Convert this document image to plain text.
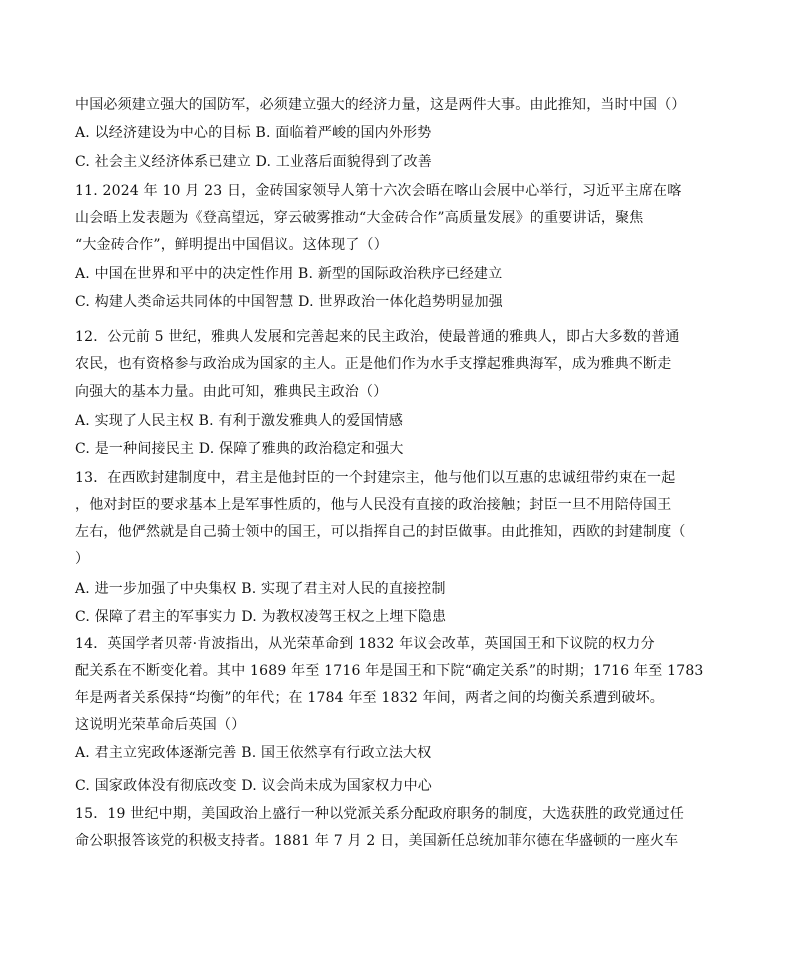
中国必须建立强大的国防军，必须建立强大的经济力量，这是两件大事。由此推知，当时中国（）
A. 以经济建设为中心的目标 B. 面临着严峻的国内外形势
C. 社会主义经济体系已建立 D. 工业落后面貌得到了改善
11. 2024 年 10 月 23 日，金砖国家领导人第十六次会晤在喀山会展中心举行，习近平主席在喀
山会晤上发表题为《登高望远，穿云破雾推动“大金砖合作”高质量发展》的重要讲话，聚焦
“大金砖合作”，鲜明提出中国倡议。这体现了（）
A. 中国在世界和平中的决定性作用 B. 新型的国际政治秩序已经建立
C. 构建人类命运共同体的中国智慧 D. 世界政治一体化趋势明显加强
12．公元前 5 世纪，雅典人发展和完善起来的民主政治，使最普通的雅典人，即占大多数的普通
农民，也有资格参与政治成为国家的主人。正是他们作为水手支撑起雅典海军，成为雅典不断走
向强大的基本力量。由此可知，雅典民主政治（）
A. 实现了人民主权 B. 有利于激发雅典人的爱国情感
C. 是一种间接民主 D. 保障了雅典的政治稳定和强大
13．在西欧封建制度中，君主是他封臣的一个封建宗主，他与他们以互惠的忠诚纽带约束在一起
，他对封臣的要求基本上是军事性质的，他与人民没有直接的政治接触；封臣一旦不用陪侍国王
左右，他俨然就是自己骑士领中的国王，可以指挥自己的封臣做事。由此推知，西欧的封建制度（
）
A. 进一步加强了中央集权 B. 实现了君主对人民的直接控制
C. 保障了君主的军事实力 D. 为教权凌驾王权之上埋下隐患
14．英国学者贝蒂·肯波指出，从光荣革命到 1832 年议会改革，英国国王和下议院的权力分
配关系在不断变化着。其中 1689 年至 1716 年是国王和下院“确定关系”的时期；1716 年至 1783
年是两者关系保持“均衡”的年代；在 1784 年至 1832 年间，两者之间的均衡关系遭到破坏。
这说明光荣革命后英国（）
A. 君主立宪政体逐渐完善 B. 国王依然享有行政立法大权
C. 国家政体没有彻底改变 D. 议会尚未成为国家权力中心
15．19 世纪中期，美国政治上盛行一种以党派关系分配政府职务的制度，大选获胜的政党通过任
命公职报答该党的积极支持者。1881 年 7 月 2 日，美国新任总统加菲尔德在华盛顿的一座火车
